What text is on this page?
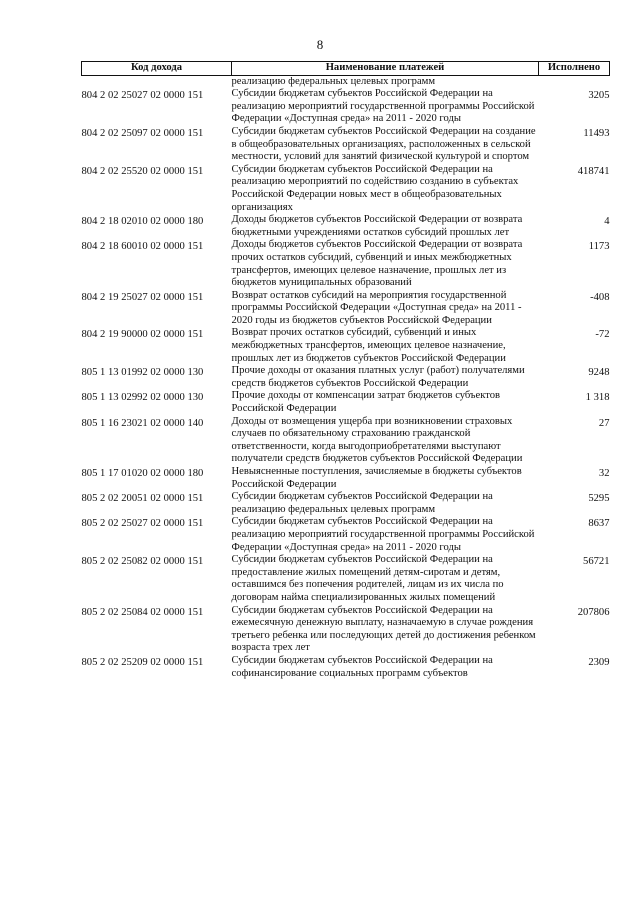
8
Код дохода	Наименование платежей	Исполнено
	реализацию федеральных целевых программ	
804 2 02 25027 02 0000 151	Субсидии бюджетам субъектов Российской Федерации на реализацию мероприятий государственной программы Российской Федерации «Доступная среда» на 2011 - 2020 годы	3205
804 2 02 25097 02 0000 151	Субсидии бюджетам субъектов Российской Федерации на создание в общеобразовательных организациях, расположенных в сельской местности, условий для занятий физической культурой и спортом	11493
804 2 02 25520 02 0000 151	Субсидии бюджетам субъектов Российской Федерации на реализацию мероприятий по содействию созданию в субъектах Российской Федерации новых мест в общеобразовательных организациях	418741
804 2 18 02010 02 0000 180	Доходы бюджетов субъектов Российской Федерации от возврата бюджетными учреждениями остатков субсидий прошлых лет	4
804 2 18 60010 02 0000 151	Доходы бюджетов субъектов Российской Федерации от возврата прочих остатков субсидий, субвенций и иных межбюджетных трансфертов, имеющих целевое назначение, прошлых лет из бюджетов муниципальных образований	1173
804 2 19 25027 02 0000 151	Возврат остатков субсидий на мероприятия государственной программы Российской Федерации «Доступная среда» на 2011 - 2020 годы из бюджетов субъектов Российской Федерации	-408
804 2 19 90000 02 0000 151	Возврат прочих остатков субсидий, субвенций и иных межбюджетных трансфертов, имеющих целевое назначение, прошлых лет из бюджетов субъектов Российской Федерации	-72
805 1 13 01992 02 0000 130	Прочие доходы от оказания платных услуг (работ) получателями средств бюджетов субъектов Российской Федерации	9248
805 1 13 02992 02 0000 130	Прочие доходы от компенсации затрат бюджетов субъектов Российской Федерации	1 318
805 1 16 23021 02 0000 140	Доходы от возмещения ущерба при возникновении страховых случаев по обязательному страхованию гражданской ответственности, когда выгодоприобретателями выступают получатели средств бюджетов субъектов Российской Федерации	27
805 1 17 01020 02 0000 180	Невыясненные поступления, зачисляемые в бюджеты субъектов Российской Федерации	32
805 2 02 20051 02 0000 151	Субсидии бюджетам субъектов Российской Федерации на реализацию федеральных целевых программ	5295
805 2 02 25027 02 0000 151	Субсидии бюджетам субъектов Российской Федерации на реализацию мероприятий государственной программы Российской Федерации «Доступная среда» на 2011 - 2020 годы	8637
805 2 02 25082 02 0000 151	Субсидии бюджетам субъектов Российской Федерации на предоставление жилых помещений детям-сиротам и детям, оставшимся без попечения родителей, лицам из их числа по договорам найма специализированных жилых помещений	56721
805 2 02 25084 02 0000 151	Субсидии бюджетам субъектов Российской Федерации на ежемесячную денежную выплату, назначаемую в случае рождения третьего ребенка или последующих детей до достижения ребенком возраста трех лет	207806
805 2 02 25209 02 0000 151	Субсидии бюджетам субъектов Российской Федерации на софинансирование социальных программ субъектов	2309
